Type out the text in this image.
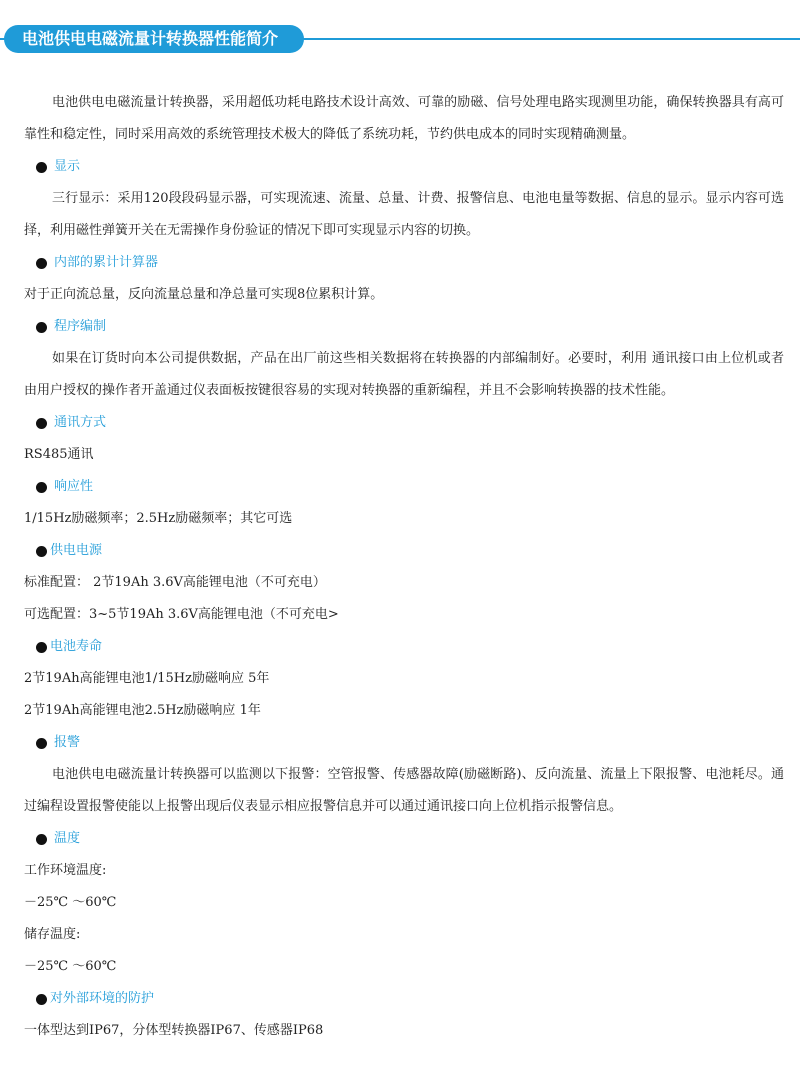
电池供电电磁流量计转换器性能简介

电池供电电磁流量计转换器，采用超低功耗电路技术设计高效、可靠的励磁、信号处理电路实现测里功能，确保转换器具有高可靠性和稳定性，同时采用高效的系统管理技术极大的降低了系统功耗，节约供电成本的同时实现精确测量。

显示

三行显示：采用120段段码显示器，可实现流速、流量、总量、计费、报警信息、电池电量等数据、信息的显示。显示内容可选择，利用磁性弹簧开关在无需操作身份验证的情况下即可实现显示内容的切换。

内部的累计计算器

对于正向流总量，反向流量总量和净总量可实现8位累积计算。

程序编制

如果在订货时向本公司提供数据，产品在出厂前这些相关数据将在转换器的内部编制好。必要时，利用 通讯接口由上位机或者由用户授权的操作者开盖通过仪表面板按键很容易的实现对转换器的重新编程，并且不会影响转换器的技术性能。

通讯方式

RS485通讯

响应性

1/15Hz励磁频率；2.5Hz励磁频率；其它可选

供电电源

标准配置： 2节19Ah 3.6V高能锂电池（不可充电）

可选配置：3~5节19Ah 3.6V高能锂电池（不可充电>

电池寿命

2节19Ah高能锂电池1/15Hz励磁响应 5年

2节19Ah高能锂电池2.5Hz励磁响应 1年

报警

电池供电电磁流量计转换器可以监测以下报警：空管报警、传感器故障(励磁断路)、反向流量、流量上下限报警、电池耗尽。通过编程设置报警使能以上报警出现后仪表显示相应报警信息并可以通过通讯接口向上位机指示报警信息。

温度

工作环境温度:

－25℃ ～60℃

储存温度:

－25℃ ～60℃

对外部环境的防护

一体型达到IP67，分体型转换器IP67、传感器IP68
